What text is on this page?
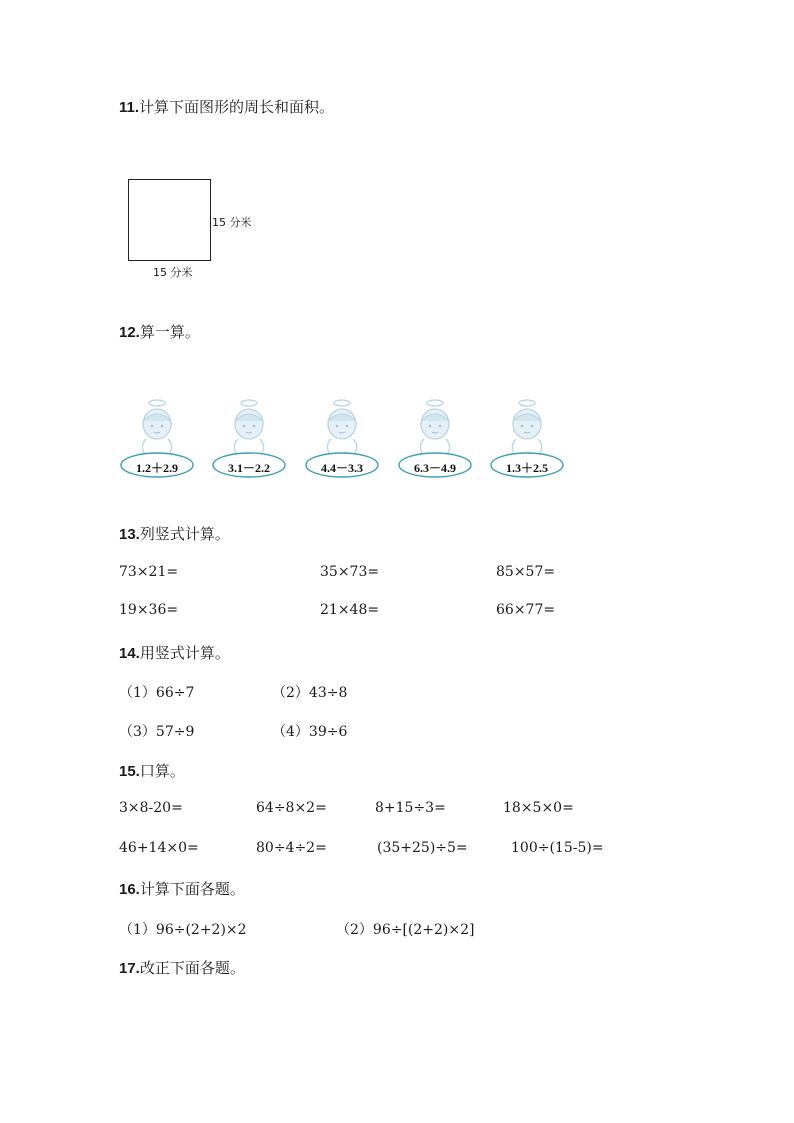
11.计算下面图形的周长和面积。
15 分米
15 分米
12.算一算。
1.2＋2.9	3.1－2.2	4.4－3.3	6.3－4.9	1.3＋2.5
13.列竖式计算。
73×21=	35×73=	85×57=
19×36=	21×48=	66×77=
14.用竖式计算。
（1）66÷7	（2）43÷8
（3）57÷9	（4）39÷6
15.口算。
3×8-20=	64÷8×2=	8+15÷3=	18×5×0=
46+14×0=	80÷4÷2=	(35+25)÷5=	100÷(15-5)=
16.计算下面各题。
（1）96÷(2+2)×2	（2）96÷[(2+2)×2]
17.改正下面各题。
